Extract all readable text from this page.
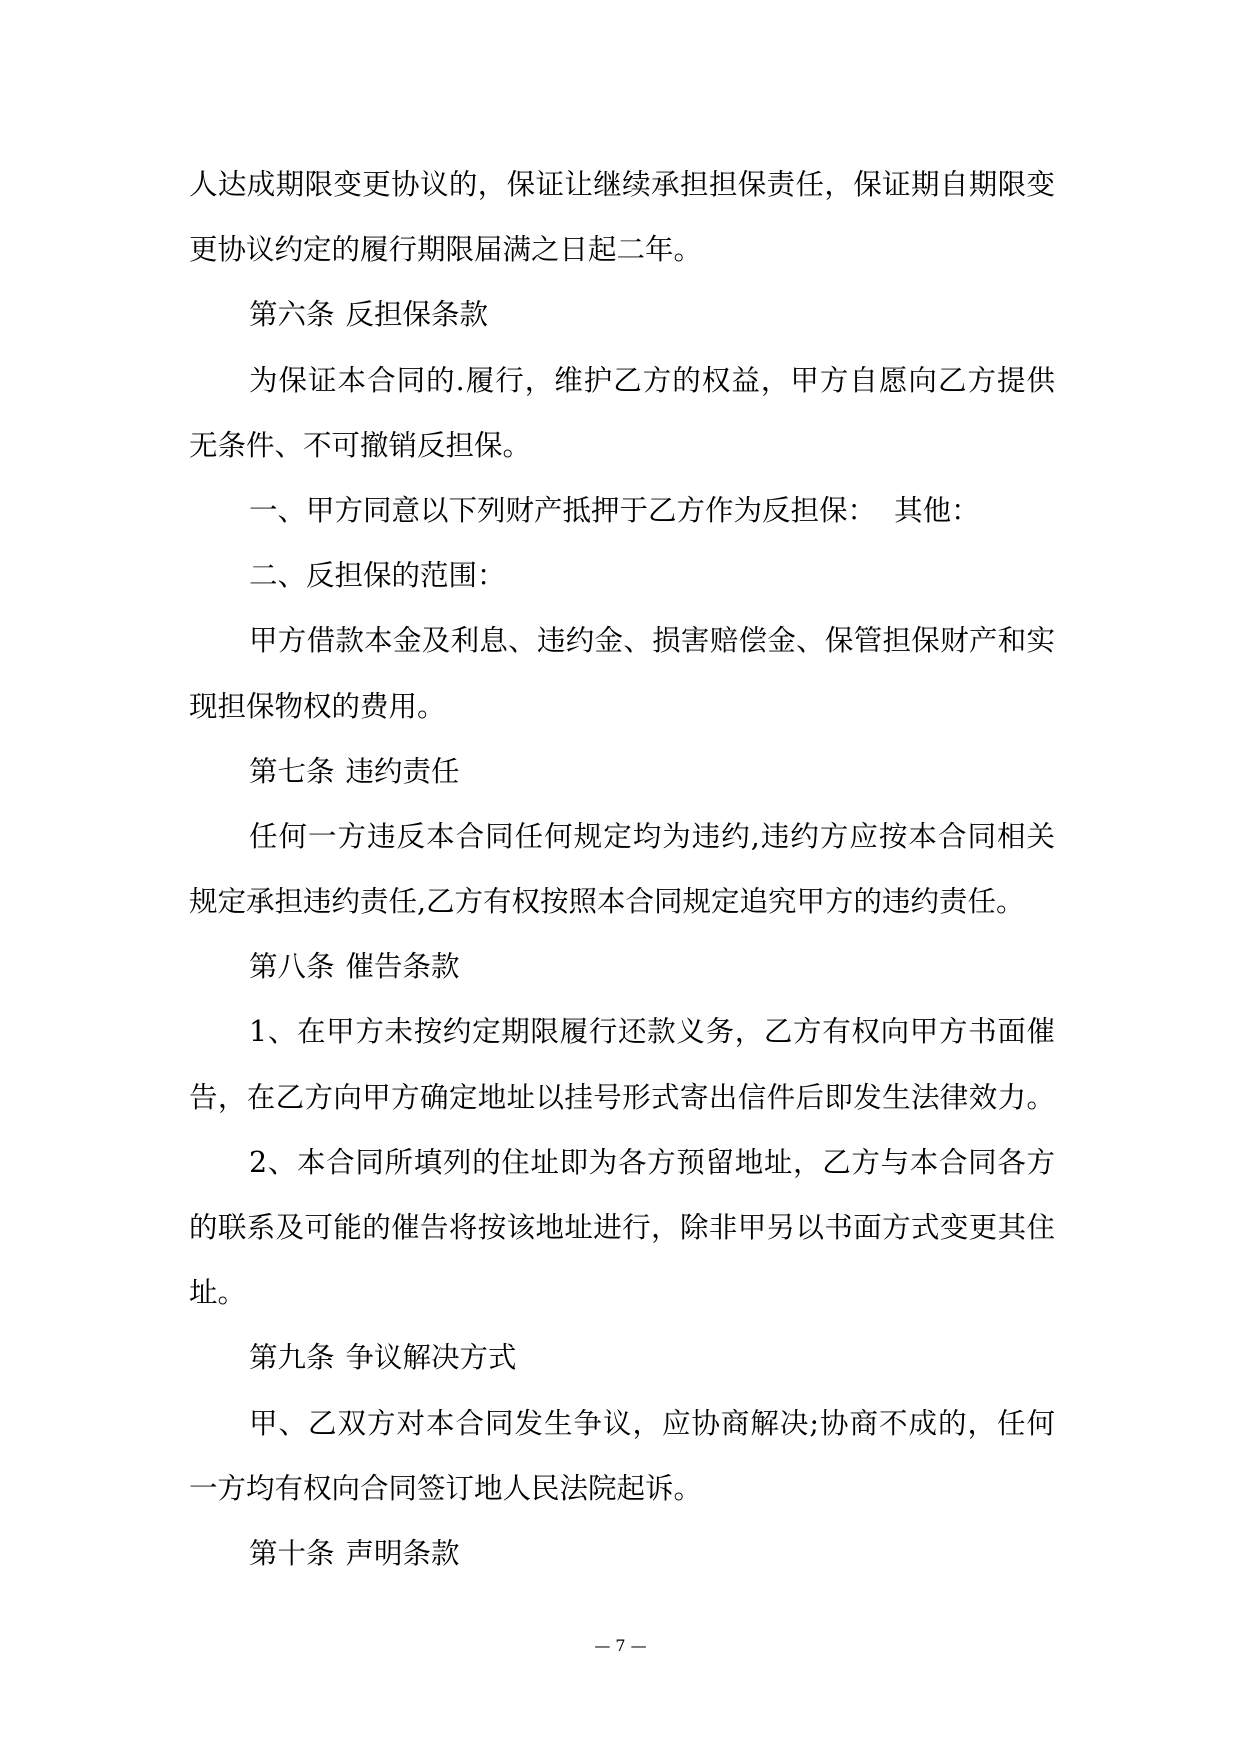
人达成期限变更协议的，保证让继续承担担保责任，保证期自期限变
更协议约定的履行期限届满之日起二年。
第六条 反担保条款
为保证本合同的.履行，维护乙方的权益，甲方自愿向乙方提供
无条件、不可撤销反担保。
一、甲方同意以下列财产抵押于乙方作为反担保：  其他：
二、反担保的范围：
甲方借款本金及利息、违约金、损害赔偿金、保管担保财产和实
现担保物权的费用。
第七条 违约责任
任何一方违反本合同任何规定均为违约,违约方应按本合同相关
规定承担违约责任,乙方有权按照本合同规定追究甲方的违约责任。
第八条 催告条款
1、在甲方未按约定期限履行还款义务，乙方有权向甲方书面催
告，在乙方向甲方确定地址以挂号形式寄出信件后即发生法律效力。
2、本合同所填列的住址即为各方预留地址，乙方与本合同各方
的联系及可能的催告将按该地址进行，除非甲另以书面方式变更其住
址。
第九条 争议解决方式
甲、乙双方对本合同发生争议，应协商解决;协商不成的，任何
一方均有权向合同签订地人民法院起诉。
第十条 声明条款
— 7 —
